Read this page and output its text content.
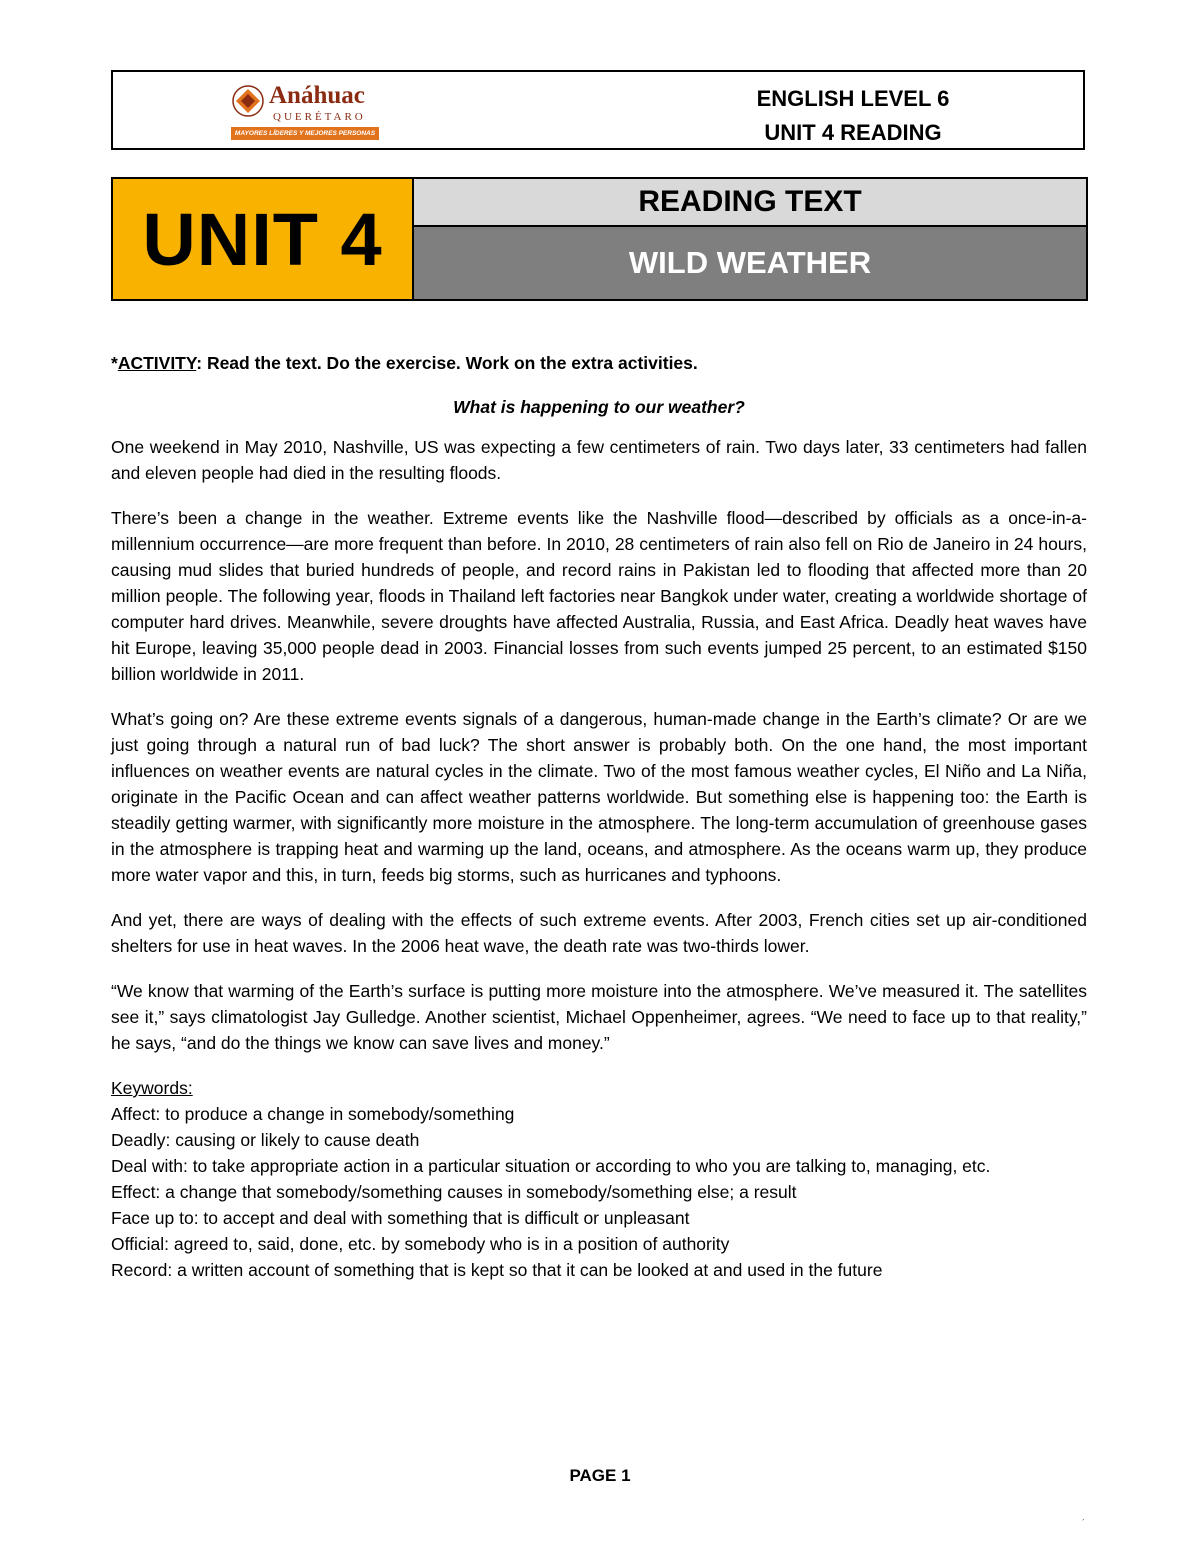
Anáhuac
QUERÉTARO
MAYORES LÍDERES Y MEJORES PERSONAS
ENGLISH LEVEL 6
UNIT 4 READING
UNIT 4	READING TEXT
WILD WEATHER

*ACTIVITY: Read the text. Do the exercise. Work on the extra activities.

What is happening to our weather?

One weekend in May 2010, Nashville, US was expecting a few centimeters of rain. Two days later, 33 centimeters had fallen and eleven people had died in the resulting floods.

There’s been a change in the weather. Extreme events like the Nashville flood—described by officials as a once-in-a-millennium occurrence—are more frequent than before. In 2010, 28 centimeters of rain also fell on Rio de Janeiro in 24 hours, causing mud slides that buried hundreds of people, and record rains in Pakistan led to flooding that affected more than 20 million people. The following year, floods in Thailand left factories near Bangkok under water, creating a worldwide shortage of computer hard drives. Meanwhile, severe droughts have affected Australia, Russia, and East Africa. Deadly heat waves have hit Europe, leaving 35,000 people dead in 2003. Financial losses from such events jumped 25 percent, to an estimated $150 billion worldwide in 2011.

What’s going on? Are these extreme events signals of a dangerous, human-made change in the Earth’s climate? Or are we just going through a natural run of bad luck? The short answer is probably both. On the one hand, the most important influences on weather events are natural cycles in the climate. Two of the most famous weather cycles, El Niño and La Niña, originate in the Pacific Ocean and can affect weather patterns worldwide. But something else is happening too: the Earth is steadily getting warmer, with significantly more moisture in the atmosphere. The long-term accumulation of greenhouse gases in the atmosphere is trapping heat and warming up the land, oceans, and atmosphere. As the oceans warm up, they produce more water vapor and this, in turn, feeds big storms, such as hurricanes and typhoons.

And yet, there are ways of dealing with the effects of such extreme events. After 2003, French cities set up air-conditioned shelters for use in heat waves. In the 2006 heat wave, the death rate was two-thirds lower.

“We know that warming of the Earth’s surface is putting more moisture into the atmosphere. We’ve measured it. The satellites see it,” says climatologist Jay Gulledge. Another scientist, Michael Oppenheimer, agrees. “We need to face up to that reality,” he says, “and do the things we know can save lives and money.”

Keywords:

Affect: to produce a change in somebody/something

Deadly: causing or likely to cause death

Deal with: to take appropriate action in a particular situation or according to who you are talking to, managing, etc.

Effect: a change that somebody/something causes in somebody/something else; a result

Face up to: to accept and deal with something that is difficult or unpleasant

Official: agreed to, said, done, etc. by somebody who is in a position of authority

Record: a written account of something that is kept so that it can be looked at and used in the future

PAGE 1
´
